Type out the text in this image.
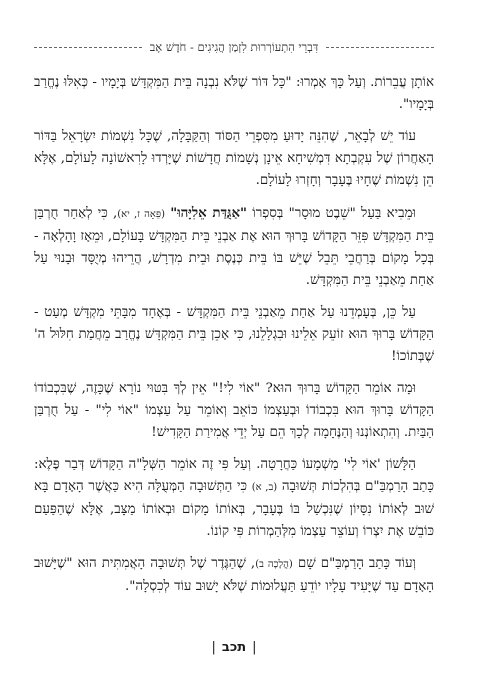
דִּבְרֵי הִתְעוֹרְרוּת לִזְמַן הֲגִיגִים - חֹדֶשׁ אָב

אוֹתָן עֲבֵרוֹת. וְעַל כָּךְ אָמְרוּ: "כָּל דּוֹר שֶׁלֹּא נִבְנָה בֵּית הַמִּקְדָּשׁ בְּיָמָיו - כְּאִלּוּ נֶחֱרַב בְּיָמָיו".

עוֹד יֵשׁ לְבָאֵר, שֶׁהִנֵּה יָדוּעַ מִסִּפְרֵי הַסּוֹד וְהַקַּבָּלָה, שֶׁכָּל נִשְׁמוֹת יִשְׂרָאֵל בַּדּוֹר הָאַחֲרוֹן שֶׁל עִקְבְתָא דִּמְשִׁיחָא אֵינָן נְשָׁמוֹת חֲדָשׁוֹת שֶׁיָּרְדוּ לָרִאשׁוֹנָה לָעוֹלָם, אֶלָּא הֵן נִשְׁמוֹת שֶׁחָיוּ בֶּעָבָר וְחָזְרוּ לָעוֹלָם.

וּמֵבִיא בַּעַל "שֵׁבֶט מוּסָר" בְּסִפְרוֹ "אַגֻּדַּת אֵלִיָּהוּ" (פֵּאָה ז, יא), כִּי לְאַחַר חֻרְבַּן בֵּית הַמִּקְדָּשׁ פִּזֵּר הַקָּדוֹשׁ בָּרוּךְ הוּא אֶת אַבְנֵי בֵּית הַמִּקְדָּשׁ בָּעוֹלָם, וּמֵאָז וָהָלְאָה - בְּכָל מָקוֹם בְּרַחֲבֵי תֵּבֵל שֶׁיֵּשׁ בּוֹ בֵּית כְּנֶסֶת וּבֵית מִדְרָשׁ, הֲרֵיהוּ מְיֻסָּד וּבָנוּי עַל אַחַת מֵאַבְנֵי בֵּית הַמִּקְדָּשׁ.

עַל כֵּן, בְּעָמְדֵנוּ עַל אַחַת מֵאַבְנֵי בֵּית הַמִּקְדָּשׁ - בְּאֶחָד מִבָּתֵּי מִקְדָּשׁ מְעַט - הַקָּדוֹשׁ בָּרוּךְ הוּא זוֹעֵק אֵלֵינוּ וּבִגְלָלֵנוּ, כִּי אָכֵן בֵּית הַמִּקְדָּשׁ נֶחֱרַב מֵחֲמַת חִלּוּל ה' שֶׁבְּתוֹכוֹ!

וּמָה אוֹמֵר הַקָּדוֹשׁ בָּרוּךְ הוּא? "אוֹי לִי!" אֵין לְךָ בִּטּוּי נוֹרָא שֶׁכָּזֶה, שֶׁבִּכְבוֹדוֹ הַקָּדוֹשׁ בָּרוּךְ הוּא בִּכְבוֹדוֹ וּבְעַצְמוֹ כּוֹאֵב וְאוֹמֵר עַל עַצְמוֹ "אוֹי לִי" - עַל חֻרְבַּן הַבַּיִת. וְהִתְאוֹנְנוּ וְהַנֶּחָמָה לְכָךְ הֵם עַל יְדֵי אֲמִירַת הַקָּדִישׁ!

הַלָּשׁוֹן 'אוֹי לִי' מַשְׁמָעוֹ כַּחֲרָטָה. וְעַל פִּי זֶה אוֹמֵר הַשְּׁלָ"ה הַקָּדוֹשׁ דְּבַר פֶּלֶא: כָּתַב הָרַמְבַּ"ם בְּהִלְכוֹת תְּשׁוּבָה (ב, א) כִּי הַתְּשׁוּבָה הַמְּעֻלָּה הִיא כַּאֲשֶׁר הָאָדָם בָּא שׁוּב לְאוֹתוֹ נִסָּיוֹן שֶׁנִּכְשַׁל בּוֹ בֶּעָבָר, בְּאוֹתוֹ מָקוֹם וּבְאוֹתוֹ מַצָּב, אֶלָּא שֶׁהַפַּעַם כּוֹבֵשׁ אֶת יִצְרוֹ וְעוֹצֵר עַצְמוֹ מִלְּהַמְרוֹת פִּי קוֹנוֹ.

וְעוֹד כָּתַב הָרַמְבַּ"ם שָׁם (הֲלָכָה ב), שֶׁהַגֶּדֶר שֶׁל תְּשׁוּבָה הָאֲמִתִּית הוּא "שֶׁיָּשׁוּב הָאָדָם עַד שֶׁיָּעִיד עָלָיו יוֹדֵעַ תַּעֲלוּמוֹת שֶׁלֹּא יָשׁוּב עוֹד לְכִסְלָה".

|תכב|
